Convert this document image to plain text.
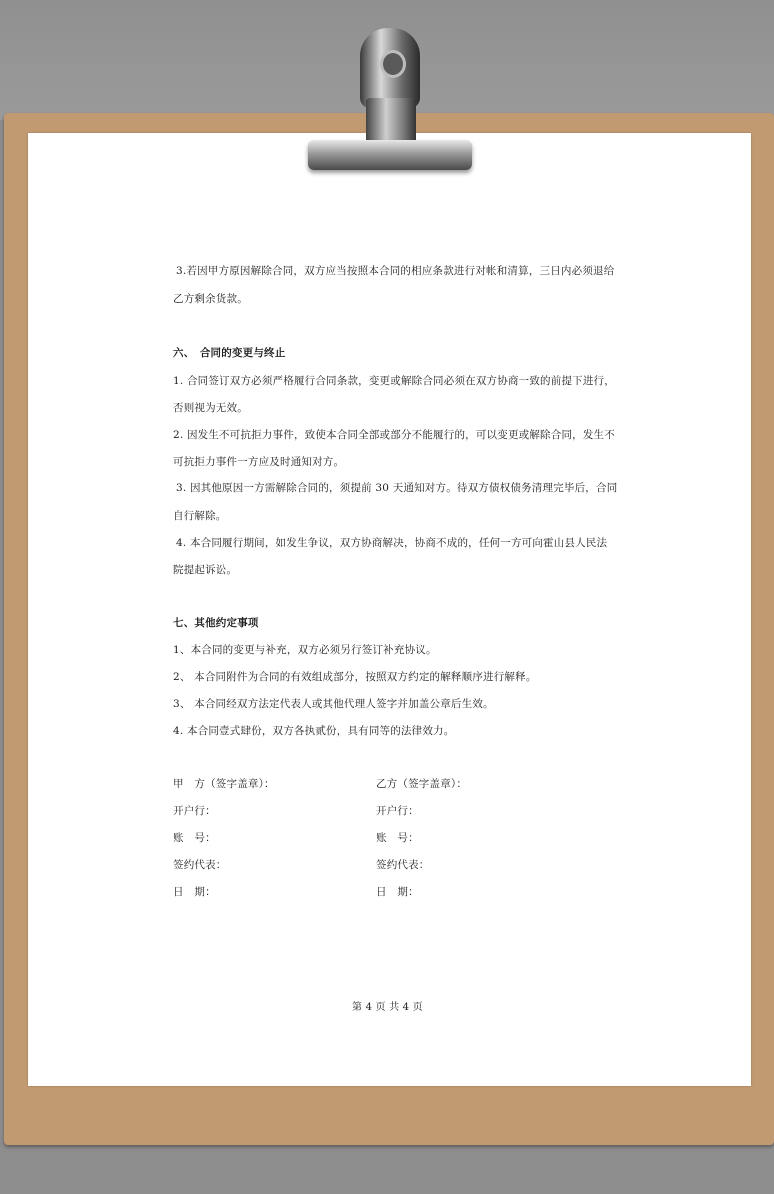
3.若因甲方原因解除合同，双方应当按照本合同的相应条款进行对帐和清算，三日内必须退给
乙方剩余货款。
六、　合同的变更与终止
1. 合同签订双方必须严格履行合同条款，变更或解除合同必须在双方协商一致的前提下进行，
否则视为无效。
2. 因发生不可抗拒力事件，致使本合同全部或部分不能履行的，可以变更或解除合同，发生不
可抗拒力事件一方应及时通知对方。
3. 因其他原因一方需解除合同的，须提前 30 天通知对方。待双方债权债务清理完毕后，合同
自行解除。
4. 本合同履行期间，如发生争议，双方协商解决，协商不成的，任何一方可向霍山县人民法
院提起诉讼。
七、其他约定事项
1、本合同的变更与补充，双方必须另行签订补充协议。
2、 本合同附件为合同的有效组成部分，按照双方约定的解释顺序进行解释。
3、 本合同经双方法定代表人或其他代理人签字并加盖公章后生效。
4. 本合同壹式肆份，双方各执贰份，具有同等的法律效力。
甲　方（签字盖章）：
开户行：
账　号：
签约代表：
日　期：
乙方（签字盖章）：
开户行：
账　号：
签约代表：
日　期：
第 4 页 共 4 页
